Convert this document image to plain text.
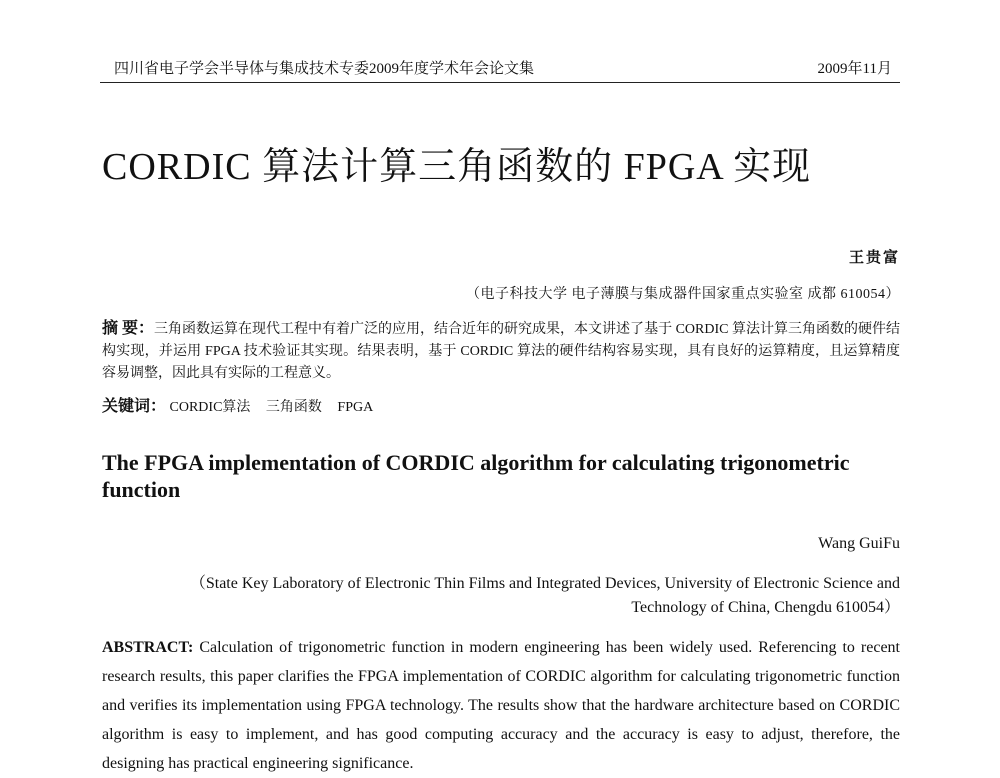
四川省电子学会半导体与集成技术专委2009年度学术年会论文集	2009年11月
CORDIC 算法计算三角函数的 FPGA 实现
王贵富
（电子科技大学 电子薄膜与集成器件国家重点实验室 成都 610054）

摘 要：三角函数运算在现代工程中有着广泛的应用，结合近年的研究成果，本文讲述了基于 CORDIC 算法计算三角函数的硬件结构实现，并运用 FPGA 技术验证其实现。结果表明，基于 CORDIC 算法的硬件结构容易实现，具有良好的运算精度，且运算精度容易调整，因此具有实际的工程意义。

关键词： CORDIC算法 三角函数 FPGA
The FPGA implementation of CORDIC algorithm for calculating trigonometric function
Wang GuiFu
（State Key Laboratory of Electronic Thin Films and Integrated Devices, University of Electronic Science and Technology of China, Chengdu 610054）

ABSTRACT: Calculation of trigonometric function in modern engineering has been widely used. Referencing to recent research results, this paper clarifies the FPGA implementation of CORDIC algorithm for calculating trigonometric function and verifies its implementation using FPGA technology. The results show that the hardware architecture based on CORDIC algorithm is easy to implement, and has good computing accuracy and the accuracy is easy to adjust, therefore, the designing has practical engineering significance.
